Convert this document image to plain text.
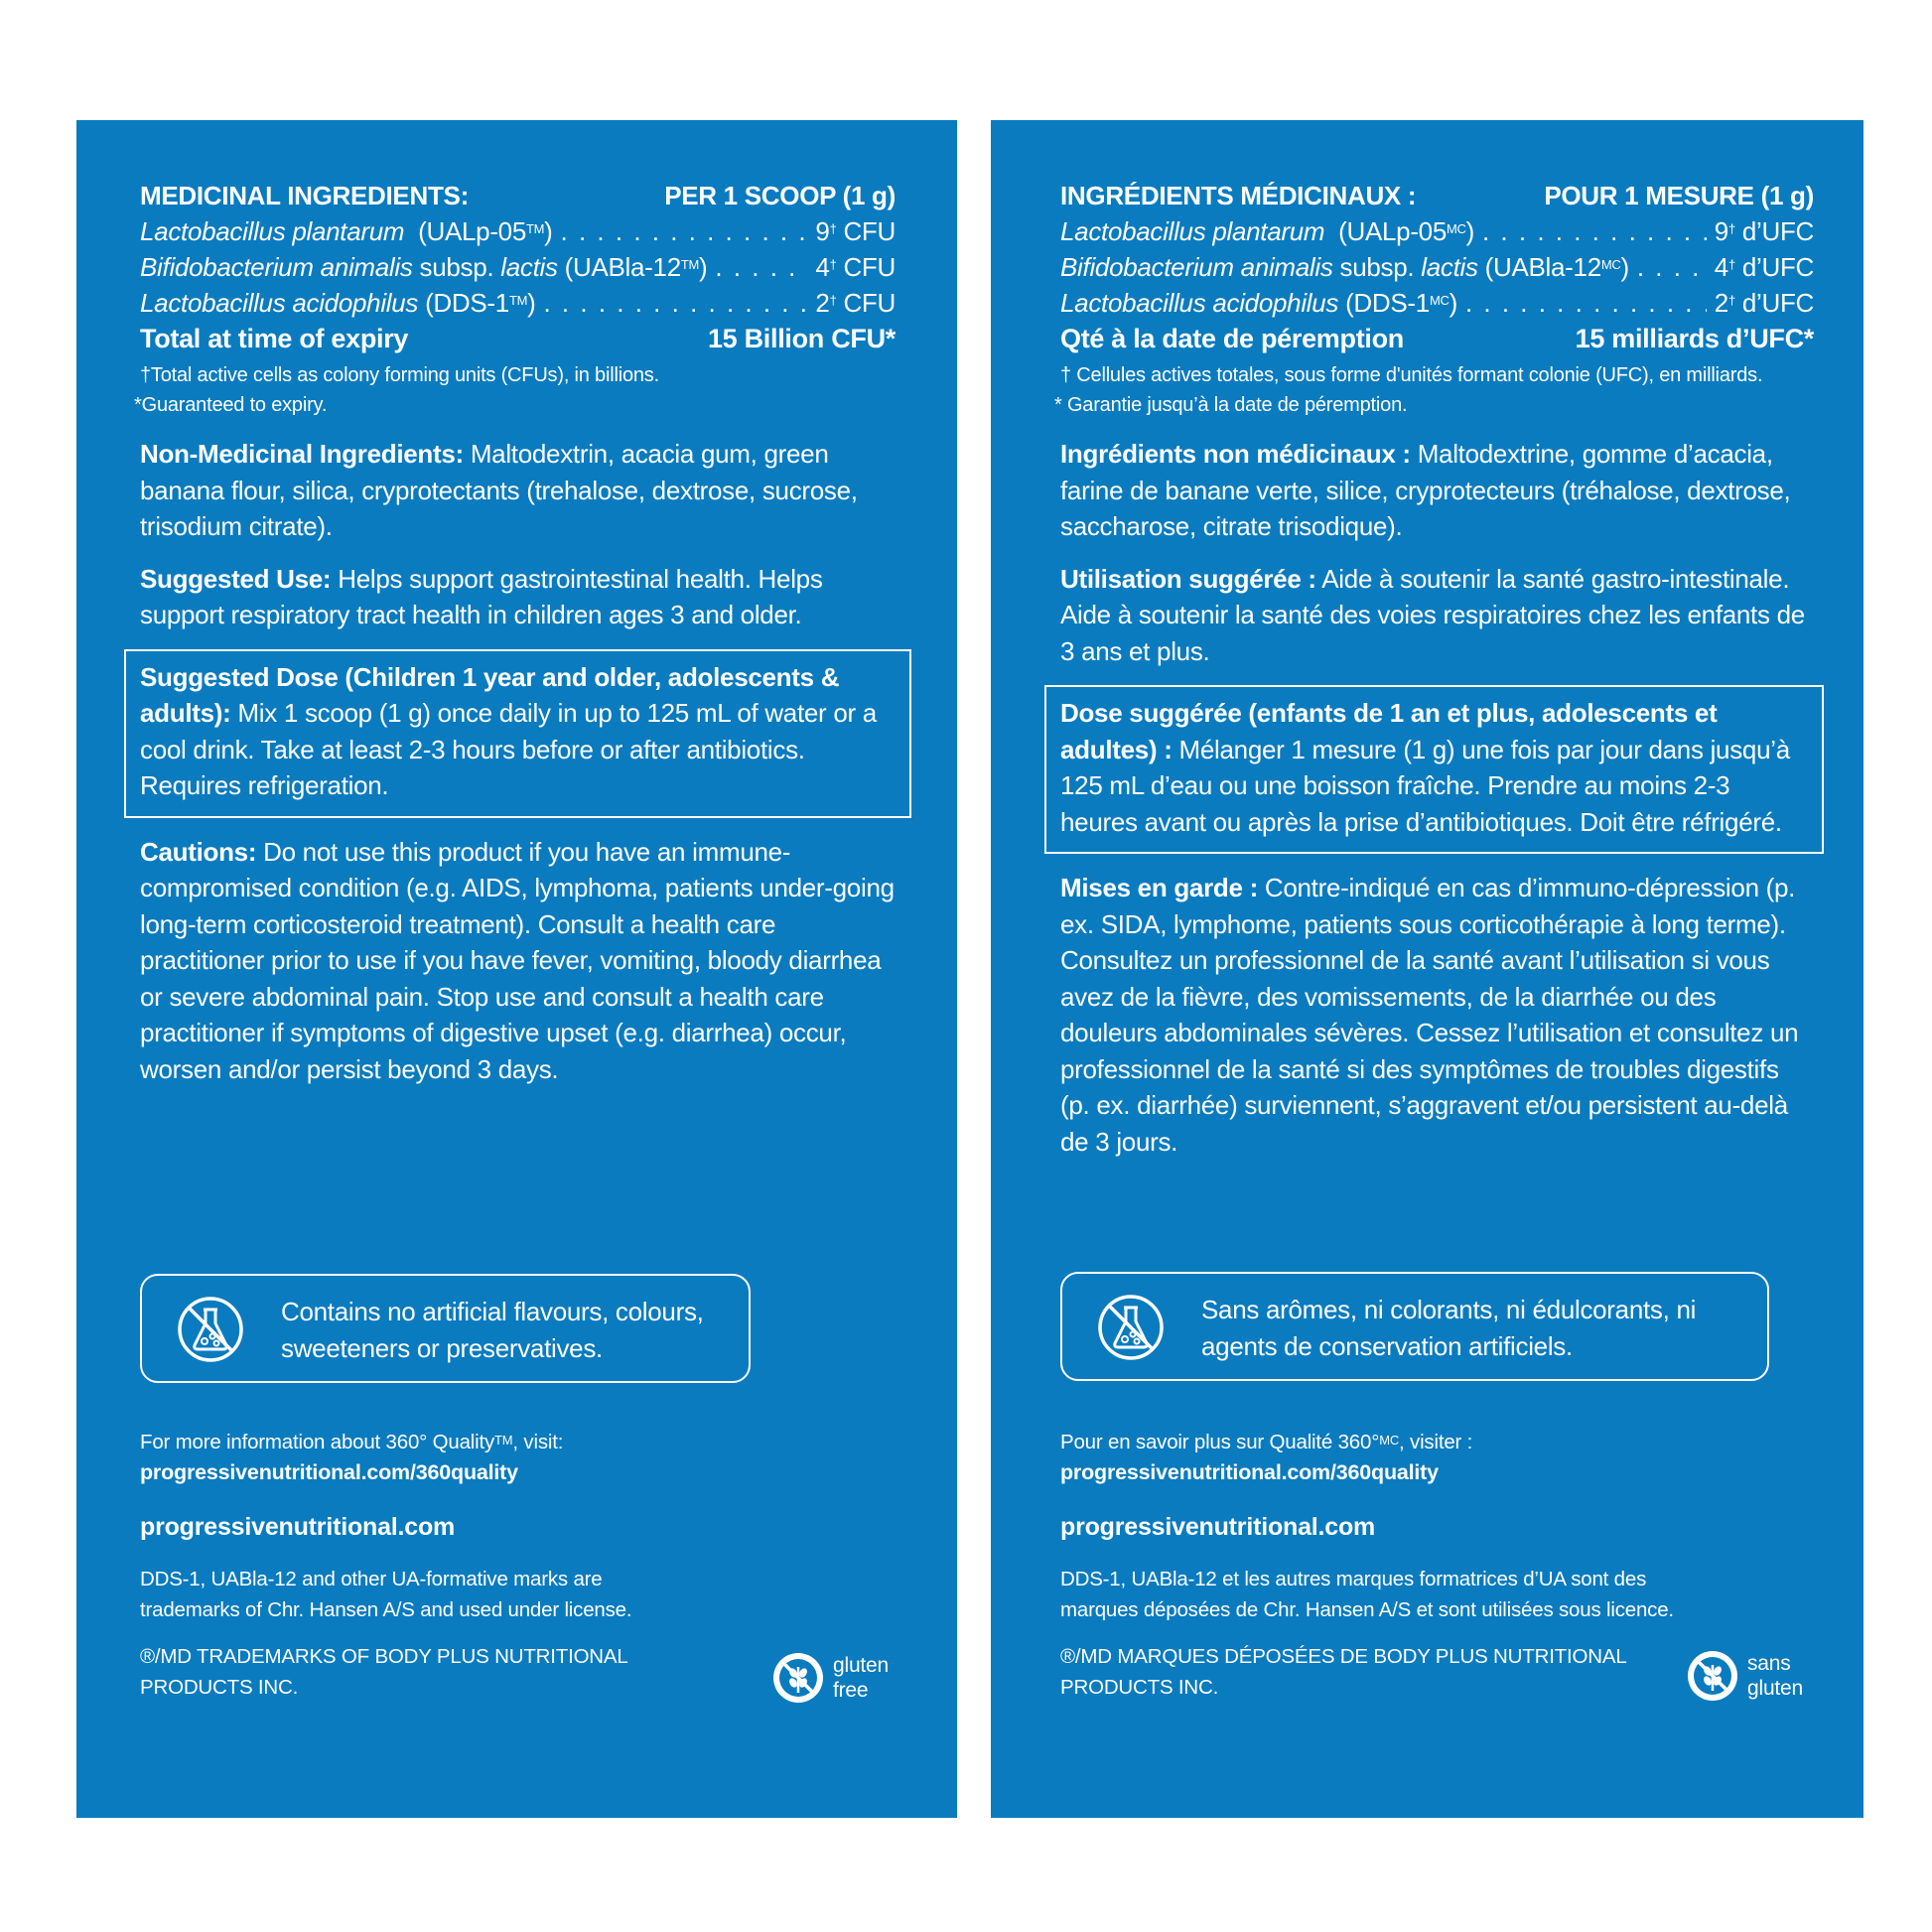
MEDICINAL INGREDIENTS:	PER 1 SCOOP (1 g)
Lactobacillus plantarum (UALp-05™) . . .	9† CFU
Bifidobacterium animalis subsp. lactis (UABla-12™) . . .	4† CFU
Lactobacillus acidophilus (DDS-1™) . . .	2† CFU
Total at time of expiry	15 Billion CFU*
†Total active cells as colony forming units (CFUs), in billions.
*Guaranteed to expiry.
Non-Medicinal Ingredients: Maltodextrin, acacia gum, green banana flour, silica, cryprotectants (trehalose, dextrose, sucrose, trisodium citrate).
Suggested Use: Helps support gastrointestinal health. Helps support respiratory tract health in children ages 3 and older.
Suggested Dose (Children 1 year and older, adolescents & adults): Mix 1 scoop (1 g) once daily in up to 125 mL of water or a cool drink. Take at least 2-3 hours before or after antibiotics. Requires refrigeration.
Cautions: Do not use this product if you have an immune-compromised condition (e.g. AIDS, lymphoma, patients under-going long-term corticosteroid treatment). Consult a health care practitioner prior to use if you have fever, vomiting, bloody diarrhea or severe abdominal pain. Stop use and consult a health care practitioner if symptoms of digestive upset (e.g. diarrhea) occur, worsen and/or persist beyond 3 days.
Contains no artificial flavours, colours,
sweeteners or preservatives.
For more information about 360° Quality™, visit:
progressivenutritional.com/360quality
progressivenutritional.com
DDS-1, UABla-12 and other UA-formative marks are
trademarks of Chr. Hansen A/S and used under license.
®/MD TRADEMARKS OF BODY PLUS NUTRITIONAL
PRODUCTS INC.
gluten
free
INGRÉDIENTS MÉDICINAUX :	POUR 1 MESURE (1 g)
Lactobacillus plantarum $(UALp-05^{MC})$ . . .	9† d’UFC
Bifidobacterium animalis subsp. lactis $(UABla-12^{MC})$ . . .	4† d’UFC
Lactobacillus acidophilus $(DDS-1^{MC})$ . . .	2† d’UFC
Qté à la date de péremption	15 milliards d’UFC*
† Cellules actives totales, sous forme d'unités formant colonie (UFC), en milliards.
* Garantie jusqu’à la date de péremption.
Ingrédients non médicinaux : Maltodextrine, gomme d’acacia, farine de banane verte, silice, cryprotecteurs (tréhalose, dextrose, saccharose, citrate trisodique).
Utilisation suggérée : Aide à soutenir la santé gastro-intestinale. Aide à soutenir la santé des voies respiratoires chez les enfants de 3 ans et plus.
Dose suggérée (enfants de 1 an et plus, adolescents et adultes) : Mélanger 1 mesure (1 g) une fois par jour dans jusqu’à 125 mL d’eau ou une boisson fraîche. Prendre au moins 2-3 heures avant ou après la prise d’antibiotiques. Doit être réfrigéré.
Mises en garde : Contre-indiqué en cas d’immuno-dépression (p. ex. SIDA, lymphome, patients sous corticothérapie à long terme). Consultez un professionnel de la santé avant l’utilisation si vous avez de la fièvre, des vomissements, de la diarrhée ou des douleurs abdominales sévères. Cessez l’utilisation et consultez un professionnel de la santé si des symptômes de troubles digestifs (p. ex. diarrhée) surviennent, s’aggravent et/ou persistent au-delà de 3 jours.
Sans arômes, ni colorants, ni édulcorants, ni
agents de conservation artificiels.
Pour en savoir plus sur Qualité 360°$^{MC}$, visiter :
progressivenutritional.com/360quality
progressivenutritional.com
DDS-1, UABla-12 et les autres marques formatrices d’UA sont des
marques déposées de Chr. Hansen A/S et sont utilisées sous licence.
®/MD MARQUES DÉPOSÉES DE BODY PLUS NUTRITIONAL
PRODUCTS INC.
sans
gluten
